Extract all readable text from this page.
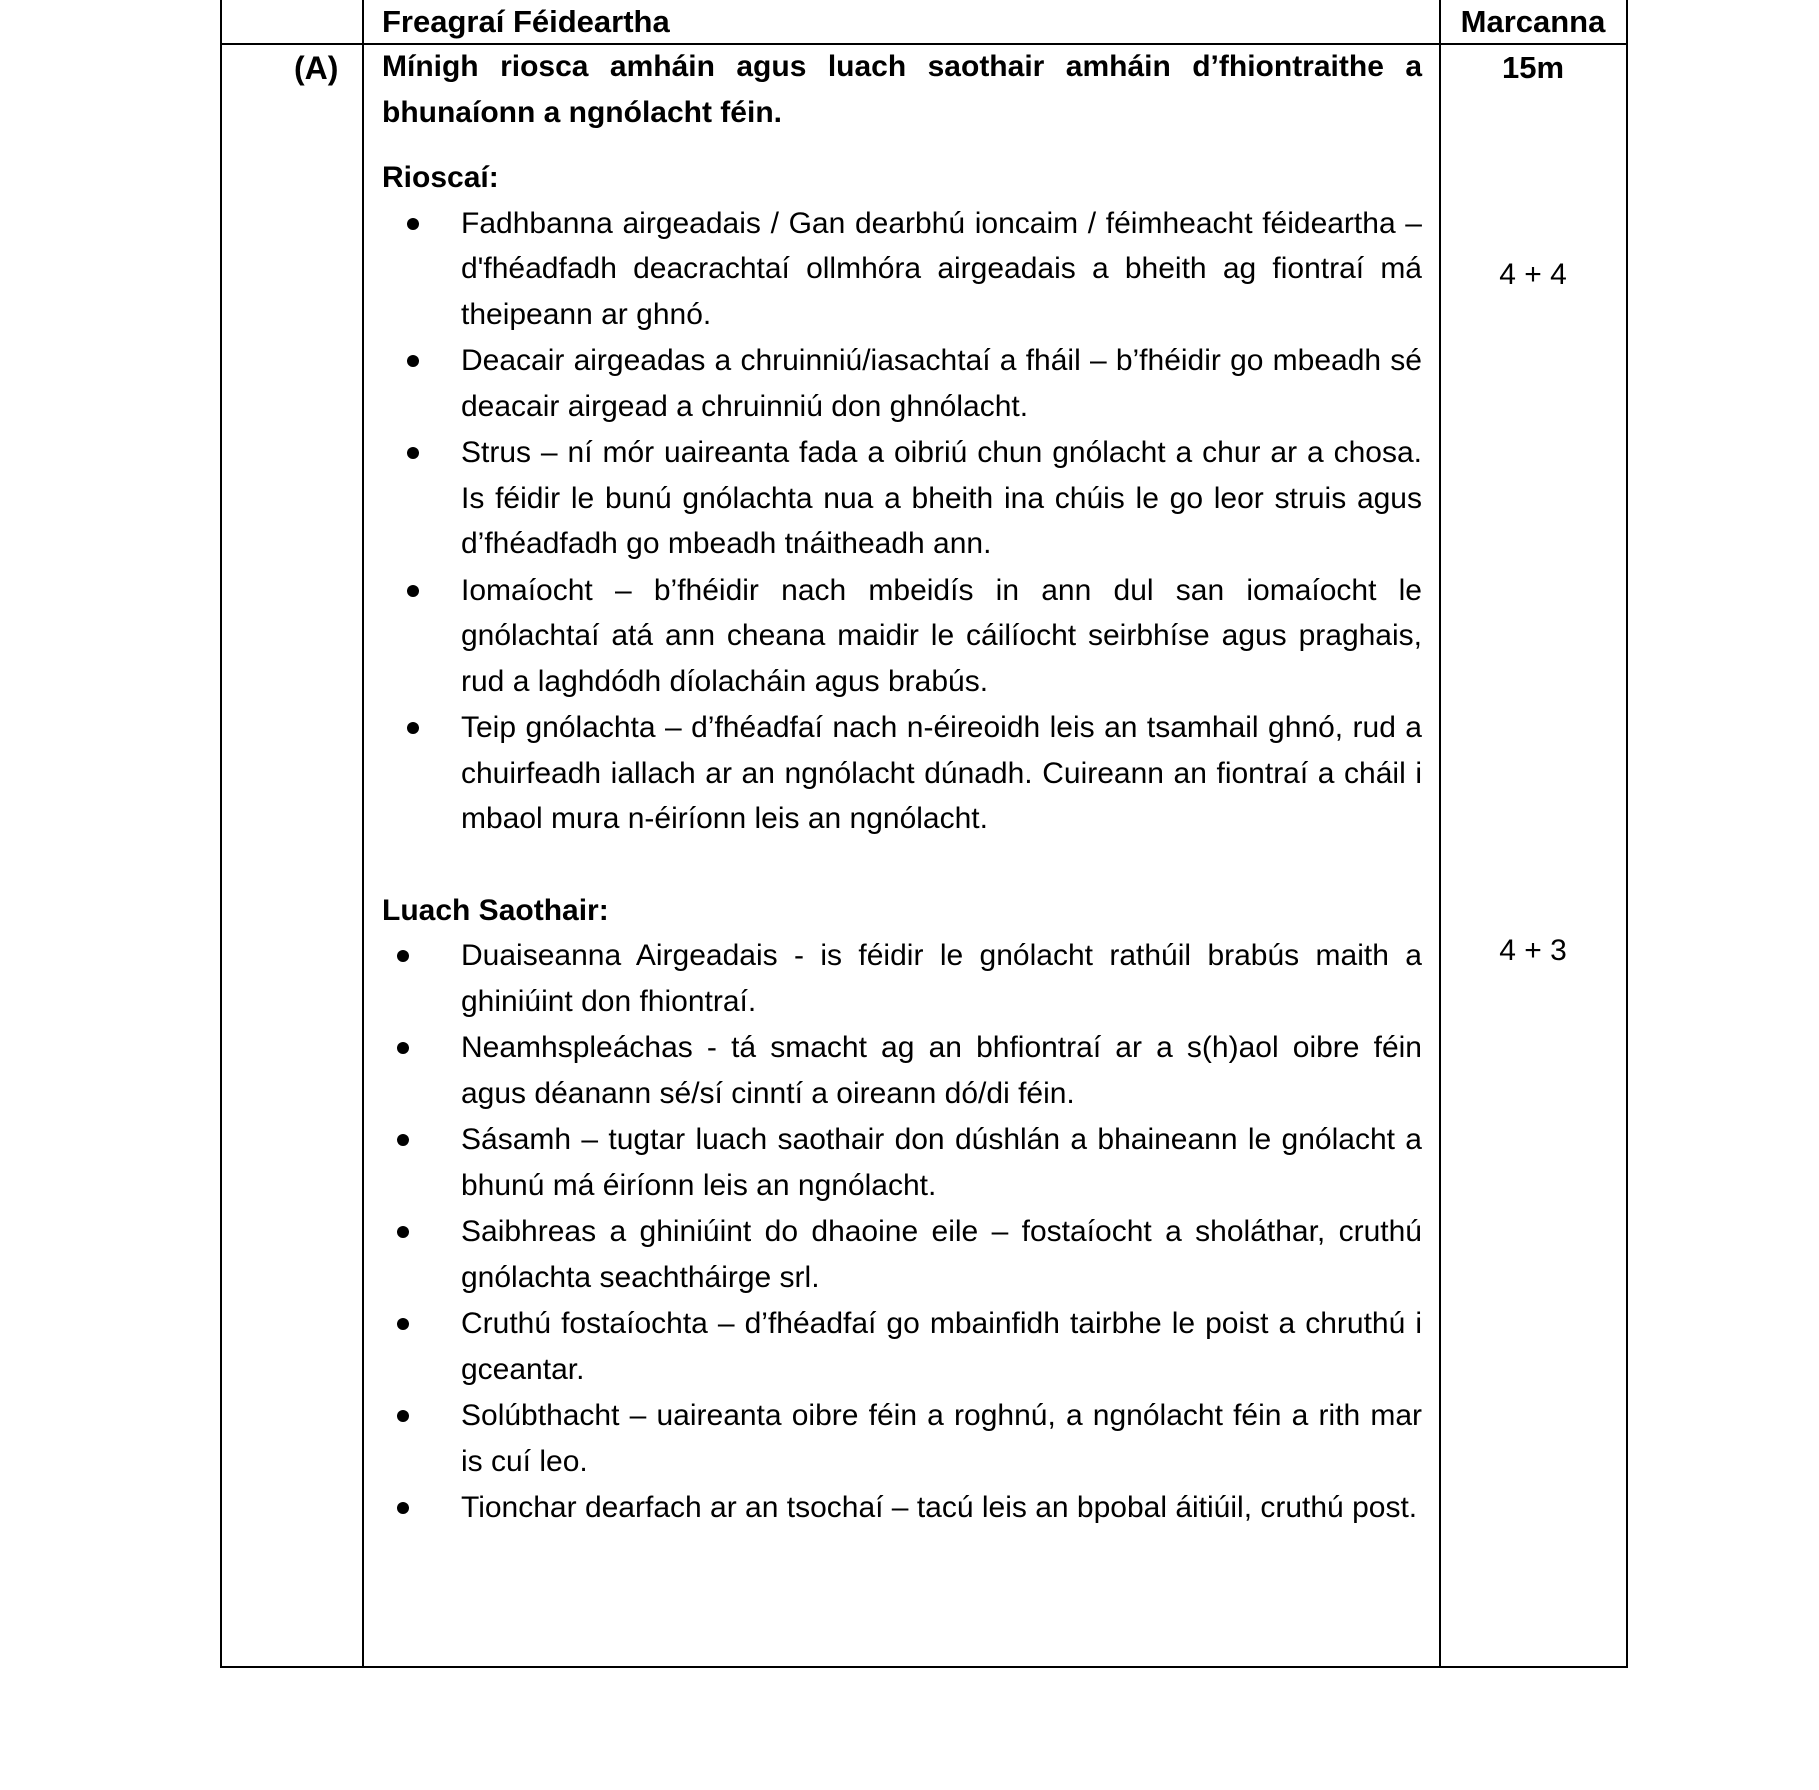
Freagraí Féideartha	Marcanna
(A)	15m
4 + 4
4 + 3

Mínigh riosca amháin agus luach saothair amháin d’fhiontraithe a bhunaíonn a ngnólacht féin.

Rioscaí:

Fadhbanna airgeadais / Gan dearbhú ioncaim / féimheacht féideartha – d'fhéadfadh deacrachtaí ollmhóra airgeadais a bheith ag fiontraí má theipeann ar ghnó.
Deacair airgeadas a chruinniú/iasachtaí a fháil – b’fhéidir go mbeadh sé deacair airgead a chruinniú don ghnólacht.
Strus – ní mór uaireanta fada a oibriú chun gnólacht a chur ar a chosa. Is féidir le bunú gnólachta nua a bheith ina chúis le go leor struis agus d’fhéadfadh go mbeadh tnáitheadh ann.
Iomaíocht – b’fhéidir nach mbeidís in ann dul san iomaíocht le gnólachtaí atá ann cheana maidir le cáilíocht seirbhíse agus praghais, rud a laghdódh díolacháin agus brabús.
Teip gnólachta – d’fhéadfaí nach n-éireoidh leis an tsamhail ghnó, rud a chuirfeadh iallach ar an ngnólacht dúnadh. Cuireann an fiontraí a cháil i mbaol mura n-éiríonn leis an ngnólacht.

Luach Saothair:

Duaiseanna Airgeadais - is féidir le gnólacht rathúil brabús maith a ghiniúint don fhiontraí.
Neamhspleáchas - tá smacht ag an bhfiontraí ar a s(h)aol oibre féin agus déanann sé/sí cinntí a oireann dó/di féin.
Sásamh – tugtar luach saothair don dúshlán a bhaineann le gnólacht a bhunú má éiríonn leis an ngnólacht.
Saibhreas a ghiniúint do dhaoine eile – fostaíocht a sholáthar, cruthú gnólachta seachtháirge srl.
Cruthú fostaíochta – d’fhéadfaí go mbainfidh tairbhe le poist a chruthú i gceantar.
Solúbthacht – uaireanta oibre féin a roghnú, a ngnólacht féin a rith mar is cuí leo.
Tionchar dearfach ar an tsochaí – tacú leis an bpobal áitiúil, cruthú post.
